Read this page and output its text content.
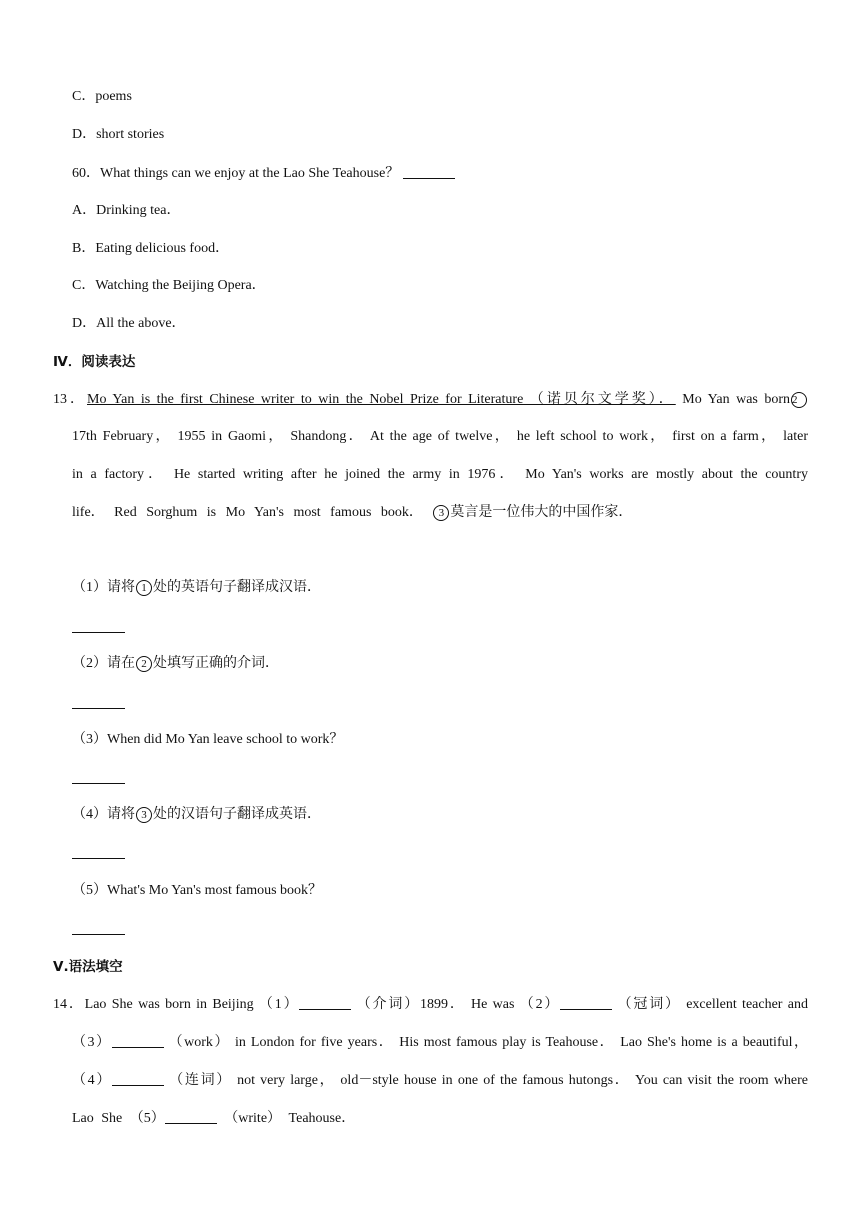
C．poems
D．short stories
60．What things can we enjoy at the Lao She Teahouse？
A．Drinking tea．
B．Eating delicious food．
C．Watching the Beijing Opera．
D．All the above．
Ⅳ．阅读表达
13．Mo Yan is the first Chinese writer to win the Nobel Prize for Literature （诺贝尔文学奖）． Mo Yan was born 2
17th February， 1955 in Gaomi， Shandong． At the age of twelve， he left school to work， first on a farm， later
in a factory． He started writing after he joined the army in 1976． Mo Yan's works are mostly about the country
life． Red Sorghum is Mo Yan's most famous book． 3 莫言是一位伟大的中国作家．
（1）请将 1 处的英语句子翻译成汉语．
（2）请在 2 处填写正确的介词．
（3）When did Mo Yan leave school to work？
（4）请将 3 处的汉语句子翻译成英语．
（5）What's Mo Yan's most famous book？
Ⅴ.语法填空
14．Lao She was born in Beijing （1）	（介词）1899． He was （2）	（冠词） excellent teacher and
（3）	（work） in London for five years． His most famous play is Teahouse． Lao She's home is a beautiful，
（4）	（连词） not very large， old－style house in one of the famous hutongs． You can visit the room where
Lao She （5）	（write） Teahouse．
